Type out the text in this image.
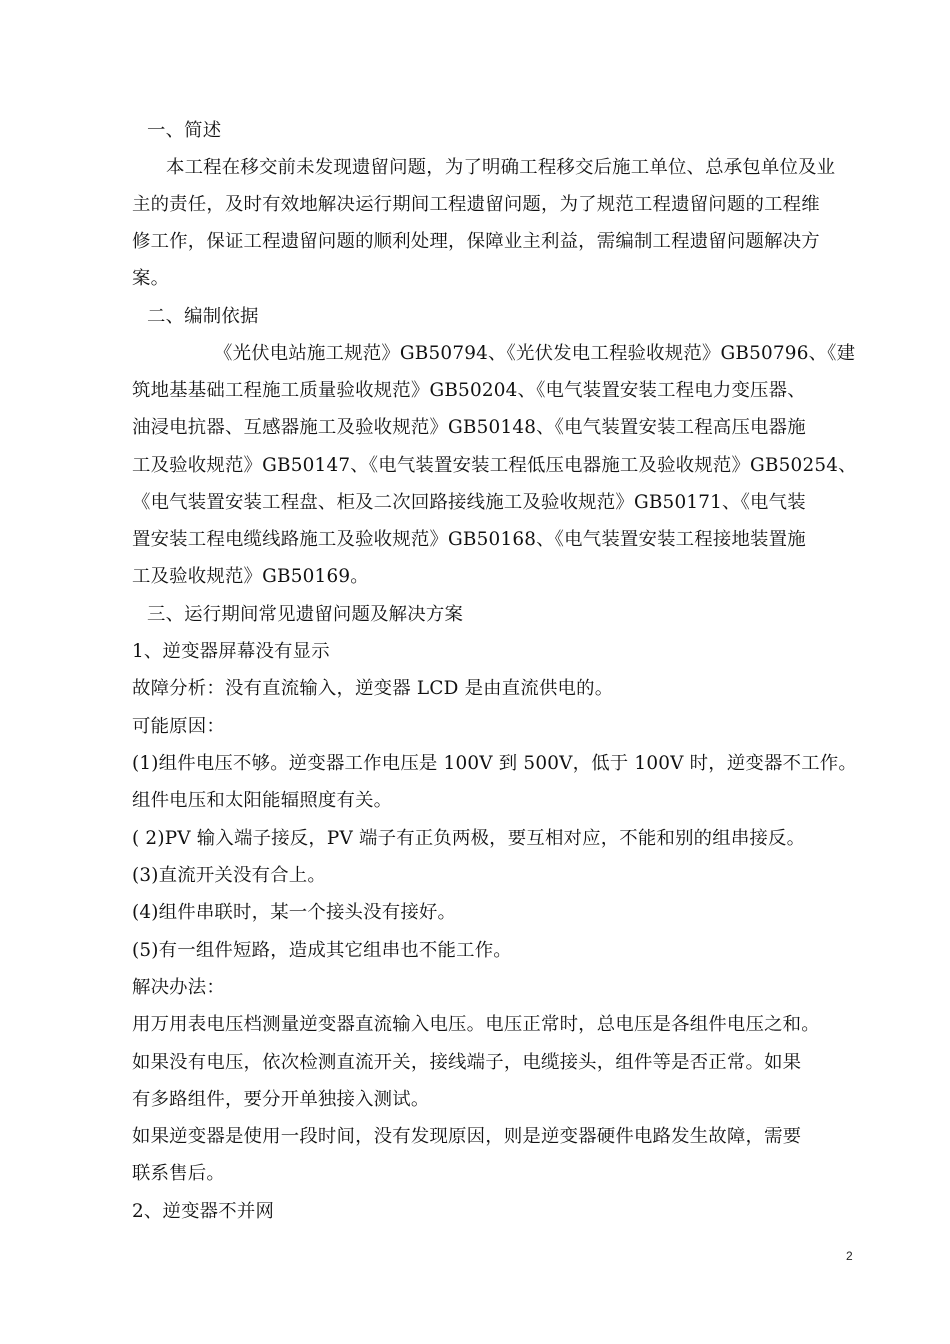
一、简述
本工程在移交前未发现遗留问题，为了明确工程移交后施工单位、总承包单位及业
主的责任，及时有效地解决运行期间工程遗留问题，为了规范工程遗留问题的工程维
修工作，保证工程遗留问题的顺利处理，保障业主利益，需编制工程遗留问题解决方
案。
二、编制依据
《光伏电站施工规范》GB50794、《光伏发电工程验收规范》GB50796、《建
筑地基基础工程施工质量验收规范》GB50204、《电气装置安装工程电力变压器、
油浸电抗器、互感器施工及验收规范》GB50148、《电气装置安装工程高压电器施
工及验收规范》GB50147、《电气装置安装工程低压电器施工及验收规范》GB50254、
《电气装置安装工程盘、柜及二次回路接线施工及验收规范》GB50171、《电气装
置安装工程电缆线路施工及验收规范》GB50168、《电气装置安装工程接地装置施
工及验收规范》GB50169。
三、运行期间常见遗留问题及解决方案
1、逆变器屏幕没有显示
故障分析：没有直流输入，逆变器 LCD 是由直流供电的。
可能原因：
(1)组件电压不够。逆变器工作电压是 100V 到 500V，低于 100V 时，逆变器不工作。
组件电压和太阳能辐照度有关。
( 2)PV 输入端子接反，PV 端子有正负两极，要互相对应，不能和别的组串接反。
(3)直流开关没有合上。
(4)组件串联时，某一个接头没有接好。
(5)有一组件短路，造成其它组串也不能工作。
解决办法：
用万用表电压档测量逆变器直流输入电压。电压正常时，总电压是各组件电压之和。
如果没有电压，依次检测直流开关，接线端子，电缆接头，组件等是否正常。如果
有多路组件，要分开单独接入测试。
如果逆变器是使用一段时间，没有发现原因，则是逆变器硬件电路发生故障，需要
联系售后。
2、逆变器不并网
2
